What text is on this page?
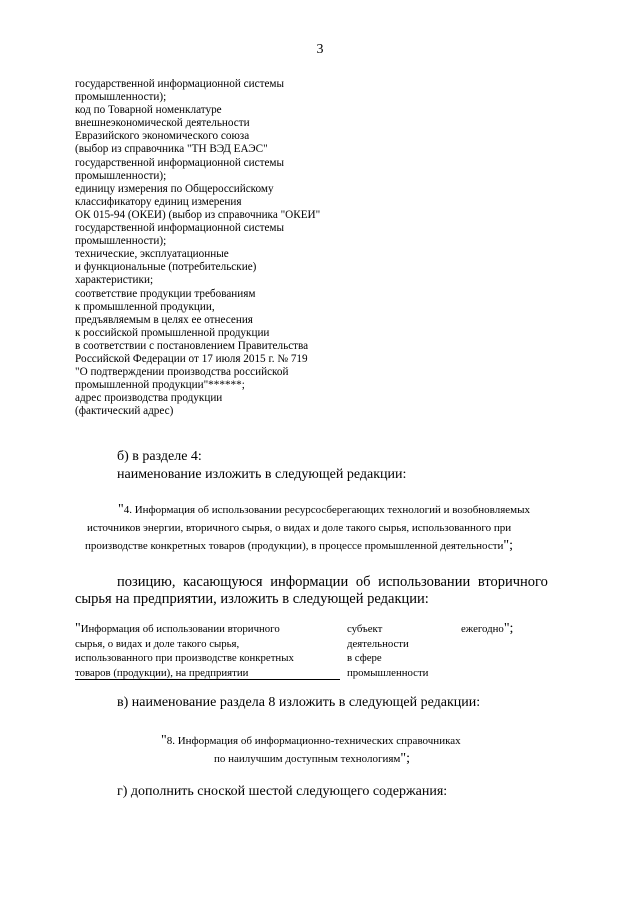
3
государственной информационной системы
промышленности);
код по Товарной номенклатуре
внешнеэкономической деятельности
Евразийского экономического союза
(выбор из справочника "ТН ВЭД ЕАЭС"
государственной информационной системы
промышленности);
единицу измерения по Общероссийскому
классификатору единиц измерения
ОК 015-94 (ОКЕИ) (выбор из справочника "ОКЕИ"
государственной информационной системы
промышленности);
технические, эксплуатационные
и функциональные (потребительские)
характеристики;
соответствие продукции требованиям
к промышленной продукции,
предъявляемым в целях ее отнесения
к российской промышленной продукции
в соответствии с постановлением Правительства
Российской Федерации от 17 июля 2015 г. № 719
"О подтверждении производства российской
промышленной продукции"******;
адрес производства продукции
(фактический адрес)
б) в разделе 4:
наименование изложить в следующей редакции:
"4. Информация об использовании ресурсосберегающих технологий и возобновляемых
источников энергии, вторичного сырья, о видах и доле такого сырья, использованного при
производстве конкретных товаров (продукции), в процессе промышленной деятельности";
позицию, касающуюся информации об использовании вторичного
сырья на предприятии, изложить в следующей редакции:
"Информация об использовании вторичного
сырья, о видах и доле такого сырья,
использованного при производстве конкретных
товаров (продукции), на предприятии
субъект
деятельности
в сфере
промышленности
ежегодно";
в) наименование раздела 8 изложить в следующей редакции:
"8. Информация об информационно-технических справочниках
по наилучшим доступным технологиям";
г) дополнить сноской шестой следующего содержания:
